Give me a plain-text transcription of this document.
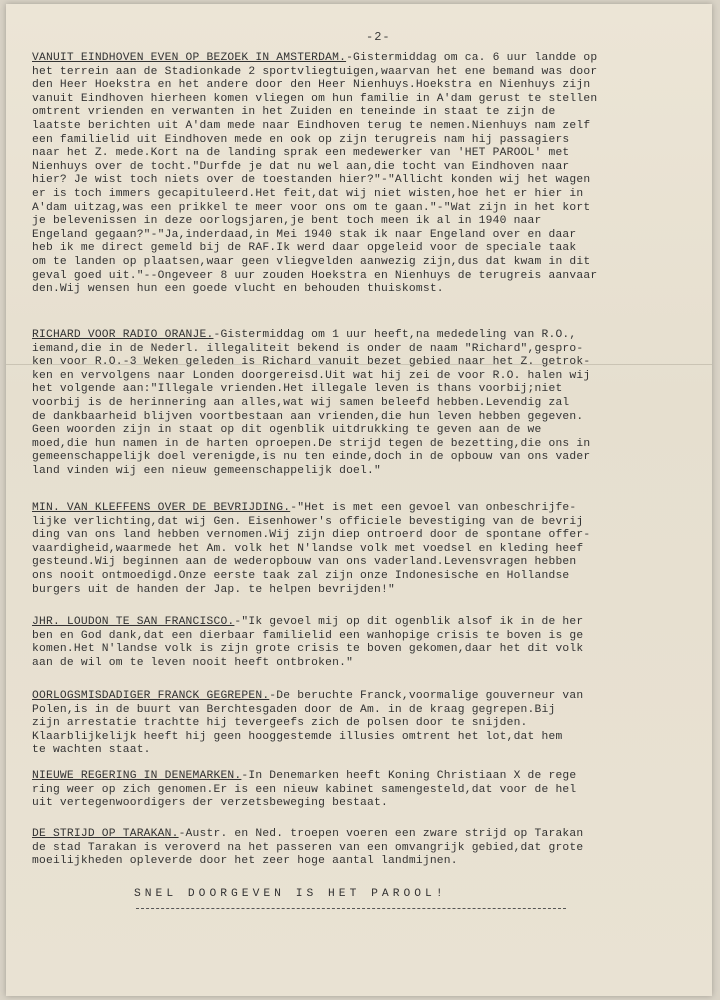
-2-
VANUIT EINDHOVEN EVEN OP BEZOEK IN AMSTERDAM.-Gistermiddag om ca. 6 uur landde op
het terrein aan de Stadionkade 2 sportvliegtuigen,waarvan het ene bemand was door
den Heer Hoekstra en het andere door den Heer Nienhuys.Hoekstra en Nienhuys zijn
vanuit Eindhoven hierheen komen vliegen om hun familie in A'dam gerust te stellen
omtrent vrienden en verwanten in het Zuiden en teneinde in staat te zijn de
laatste berichten uit A'dam mede naar Eindhoven terug te nemen.Nienhuys nam zelf
een familielid uit Eindhoven mede en ook op zijn terugreis nam hij passagiers
naar het Z. mede.Kort na de landing sprak een medewerker van 'HET PAROOL' met
Nienhuys over de tocht."Durfde je dat nu wel aan,die tocht van Eindhoven naar
hier? Je wist toch niets over de toestanden hier?"-"Allicht konden wij het wagen
er is toch immers gecapituleerd.Het feit,dat wij niet wisten,hoe het er hier in
A'dam uitzag,was een prikkel te meer voor ons om te gaan."-"Wat zijn in het kort
je belevenissen in deze oorlogsjaren,je bent toch meen ik al in 1940 naar
Engeland gegaan?"-"Ja,inderdaad,in Mei 1940 stak ik naar Engeland over en daar
heb ik me direct gemeld bij de RAF.Ik werd daar opgeleid voor de speciale taak
om te landen op plaatsen,waar geen vliegvelden aanwezig zijn,dus dat kwam in dit
geval goed uit."--Ongeveer 8 uur zouden Hoekstra en Nienhuys de terugreis aanvaar
den.Wij wensen hun een goede vlucht en behouden thuiskomst.
RICHARD VOOR RADIO ORANJE.-Gistermiddag om 1 uur heeft,na mededeling van R.O.,
iemand,die in de Nederl. illegaliteit bekend is onder de naam "Richard",gespro-
ken voor R.O.-3 Weken geleden is Richard vanuit bezet gebied naar het Z. getrok-
ken en vervolgens naar Londen doorgereisd.Uit wat hij zei de voor R.O. halen wij
het volgende aan:"Illegale vrienden.Het illegale leven is thans voorbij;niet
voorbij is de herinnering aan alles,wat wij samen beleefd hebben.Levendig zal
de dankbaarheid blijven voortbestaan aan vrienden,die hun leven hebben gegeven.
Geen woorden zijn in staat op dit ogenblik uitdrukking te geven aan de we
moed,die hun namen in de harten oproepen.De strijd tegen de bezetting,die ons in
gemeenschappelijk doel verenigde,is nu ten einde,doch in de opbouw van ons vader
land vinden wij een nieuw gemeenschappelijk doel."
MIN. VAN KLEFFENS OVER DE BEVRIJDING.-"Het is met een gevoel van onbeschrijfe-
lijke verlichting,dat wij Gen. Eisenhower's officiele bevestiging van de bevrij
ding van ons land hebben vernomen.Wij zijn diep ontroerd door de spontane offer-
vaardigheid,waarmede het Am. volk het N'landse volk met voedsel en kleding heef
gesteund.Wij beginnen aan de wederopbouw van ons vaderland.Levensvragen hebben
ons nooit ontmoedigd.Onze eerste taak zal zijn onze Indonesische en Hollandse
burgers uit de handen der Jap. te helpen bevrijden!"
JHR. LOUDON TE SAN FRANCISCO.-"Ik gevoel mij op dit ogenblik alsof ik in de her
ben en God dank,dat een dierbaar familielid een wanhopige crisis te boven is ge
komen.Het N'landse volk is zijn grote crisis te boven gekomen,daar het dit volk
aan de wil om te leven nooit heeft ontbroken."
OORLOGSMISDADIGER FRANCK GEGREPEN.-De beruchte Franck,voormalige gouverneur van
Polen,is in de buurt van Berchtesgaden door de Am. in de kraag gegrepen.Bij
zijn arrestatie trachtte hij tevergeefs zich de polsen door te snijden.
Klaarblijkelijk heeft hij geen hooggestemde illusies omtrent het lot,dat hem
te wachten staat.
NIEUWE REGERING IN DENEMARKEN.-In Denemarken heeft Koning Christiaan X de rege
ring weer op zich genomen.Er is een nieuw kabinet samengesteld,dat voor de hel
uit vertegenwoordigers der verzetsbeweging bestaat.
DE STRIJD OP TARAKAN.-Austr. en Ned. troepen voeren een zware strijd op Tarakan
de stad Tarakan is veroverd na het passeren van een omvangrijk gebied,dat grote
moeilijkheden opleverde door het zeer hoge aantal landmijnen.
SNEL DOORGEVEN IS HET PAROOL!
